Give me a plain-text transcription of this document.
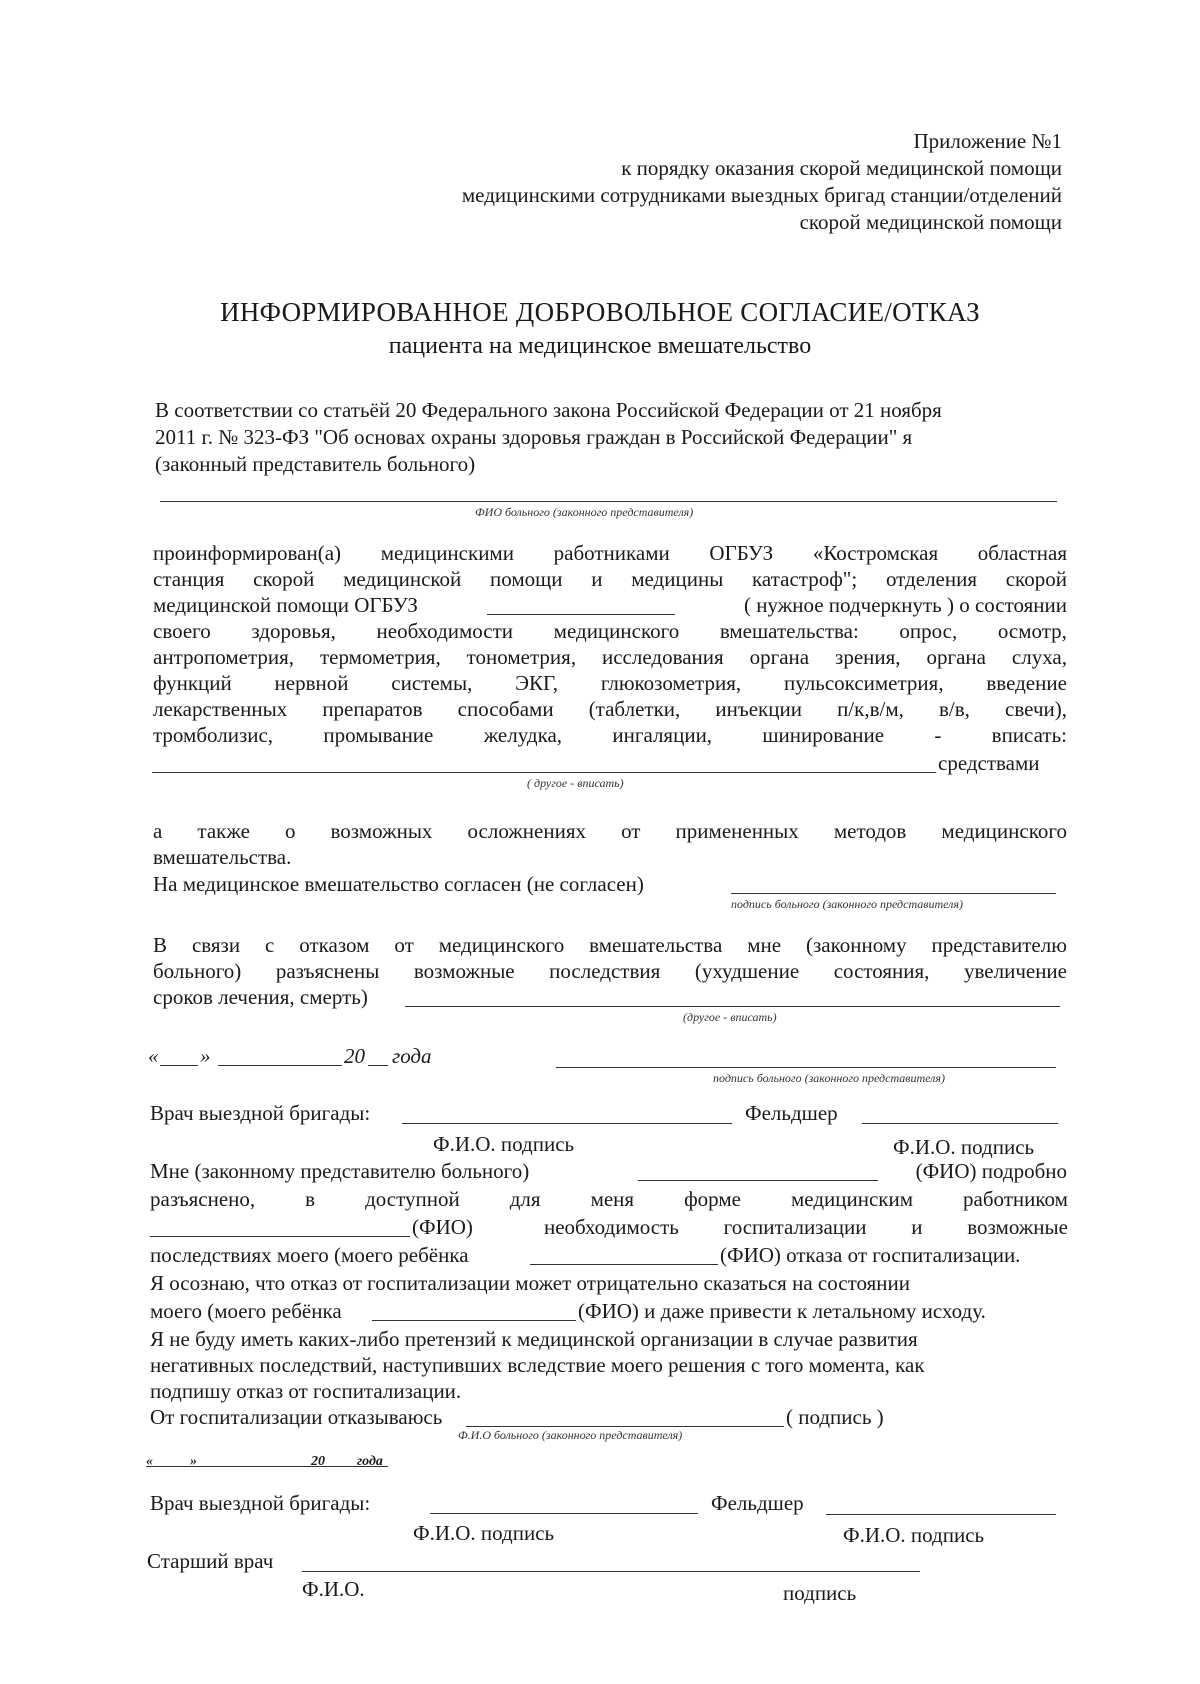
Приложение №1
к порядку оказания скорой медицинской помощи
медицинскими сотрудниками выездных бригад станции/отделений
скорой медицинской помощи
ИНФОРМИРОВАННОЕ ДОБРОВОЛЬНОЕ СОГЛАСИЕ/ОТКАЗ
пациента на медицинское вмешательство
В соответствии со статьёй 20 Федерального закона Российской Федерации от 21 ноября
2011 г. № 323-ФЗ "Об основах охраны здоровья граждан в Российской Федерации" я
(законный представитель больного)
ФИО больного (законного представителя)
проинформирован(а) медицинскими работниками ОГБУЗ «Костромская областная
станция скорой медицинской помощи и медицины катастроф"; отделения скорой
медицинской помощи ОГБУЗ	( нужное подчеркнуть ) о состоянии
своего здоровья, необходимости медицинского вмешательства: опрос, осмотр,
антропометрия, термометрия, тонометрия, исследования органа зрения, органа слуха,
функций нервной системы, ЭКГ, глюкозометрия, пульсоксиметрия, введение
лекарственных препаратов способами (таблетки, инъекции п/к,в/м, в/в, свечи),
тромболизис, промывание желудка, ингаляции, шинирование - вписать:
средствами
( другое - вписать)
а также о возможных осложнениях от примененных методов медицинского
вмешательства.
На медицинское вмешательство согласен (не согласен)
подпись больного (законного представителя)
В связи с отказом от медицинского вмешательства мне (законному представителю
больного) разъяснены возможные последствия (ухудшение состояния, увеличение
сроков лечения, смерть)
(другое - вписать)
« »	20 года
подпись больного (законного представителя)
Врач выездной бригады:	Фельдшер
Ф.И.О. подпись	Ф.И.О. подпись
Мне (законному представителю больного)	(ФИО) подробно
разъяснено, в доступной для меня форме медицинским работником
(ФИО)	необходимость госпитализации и возможные
последствиях моего (моего ребёнка	(ФИО) отказа от госпитализации.
Я осознаю, что отказ от госпитализации может отрицательно сказаться на состоянии
моего (моего ребёнка	(ФИО) и даже привести к летальному исходу.
Я не буду иметь каких-либо претензий к медицинской организации в случае развития
негативных последствий, наступивших вследствие моего решения с того момента, как
подпишу отказ от госпитализации.
От госпитализации отказываюсь	( подпись )
Ф.И.О больного (законного представителя)
«	»	20 года
Врач выездной бригады:	Фельдшер
Ф.И.О. подпись	Ф.И.О. подпись
Старший врач
Ф.И.О.	подпись
